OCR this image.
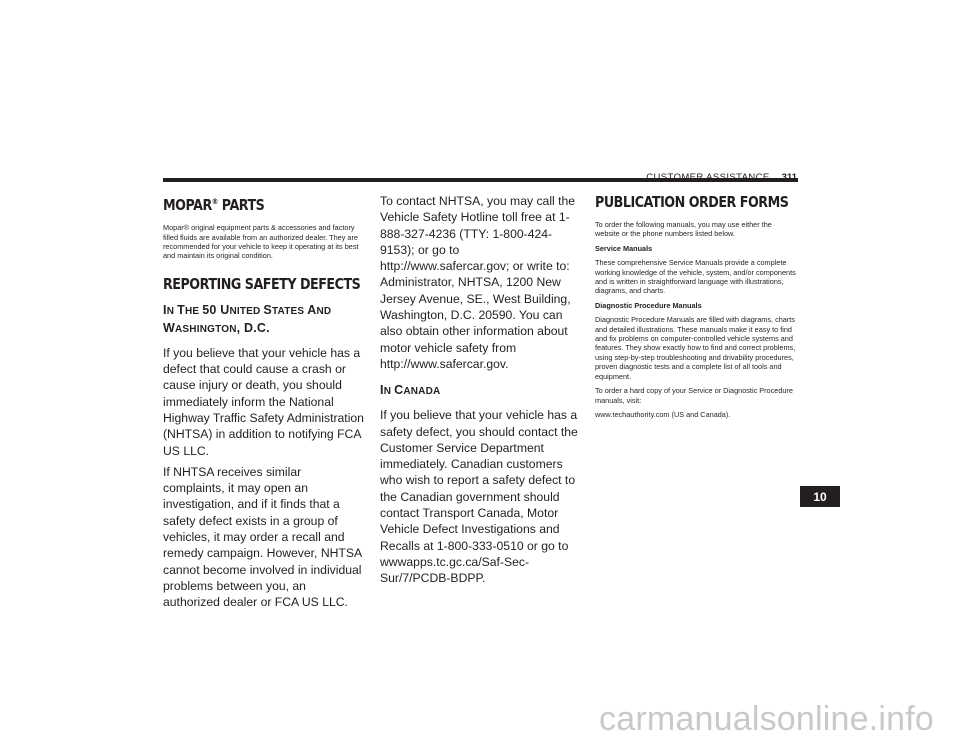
CUSTOMER ASSISTANCE 311
MOPAR® PARTS

Mopar® original equipment parts & accessories and factory filled fluids are available from an authorized dealer. They are recommended for your vehicle to keep it operating at its best and maintain its original condition.

REPORTING SAFETY DEFECTS
IN THE 50 UNITED STATES AND
WASHINGTON, D.C.

If you believe that your vehicle has a defect that could cause a crash or cause injury or death, you should immediately inform the National Highway Traffic Safety Administration (NHTSA) in addition to notifying FCA US LLC.

If NHTSA receives similar complaints, it may open an investigation, and if it finds that a safety defect exists in a group of vehicles, it may order a recall and remedy campaign. However, NHTSA cannot become involved in individual problems between you, an authorized dealer or FCA US LLC.

To contact NHTSA, you may call the Vehicle Safety Hotline toll free at 1-888-327-4236 (TTY: 1-800-424-9153); or go to http://www.safercar.gov; or write to: Administrator, NHTSA, 1200 New Jersey Avenue, SE., West Building, Washington, D.C. 20590. You can also obtain other information about motor vehicle safety from http://www.safercar.gov.

IN CANADA

If you believe that your vehicle has a safety defect, you should contact the Customer Service Department immediately. Canadian customers who wish to report a safety defect to the Canadian government should contact Transport Canada, Motor Vehicle Defect Investigations and Recalls at 1-800-333-0510 or go to wwwapps.tc.gc.ca/Saf-Sec-Sur/7/PCDB-BDPP.

PUBLICATION ORDER FORMS

To order the following manuals, you may use either the website or the phone numbers listed below.

Service Manuals

These comprehensive Service Manuals provide a complete working knowledge of the vehicle, system, and/or components and is written in straightforward language with illustrations, diagrams, and charts.

Diagnostic Procedure Manuals

Diagnostic Procedure Manuals are filled with diagrams, charts and detailed illustrations. These manuals make it easy to find and fix problems on computer-controlled vehicle systems and features. They show exactly how to find and correct problems, using step-by-step troubleshooting and drivability procedures, proven diagnostic tests and a complete list of all tools and equipment.

To order a hard copy of your Service or Diagnostic Procedure manuals, visit:

www.techauthority.com (US and Canada).

10
carmanualsonline.info
